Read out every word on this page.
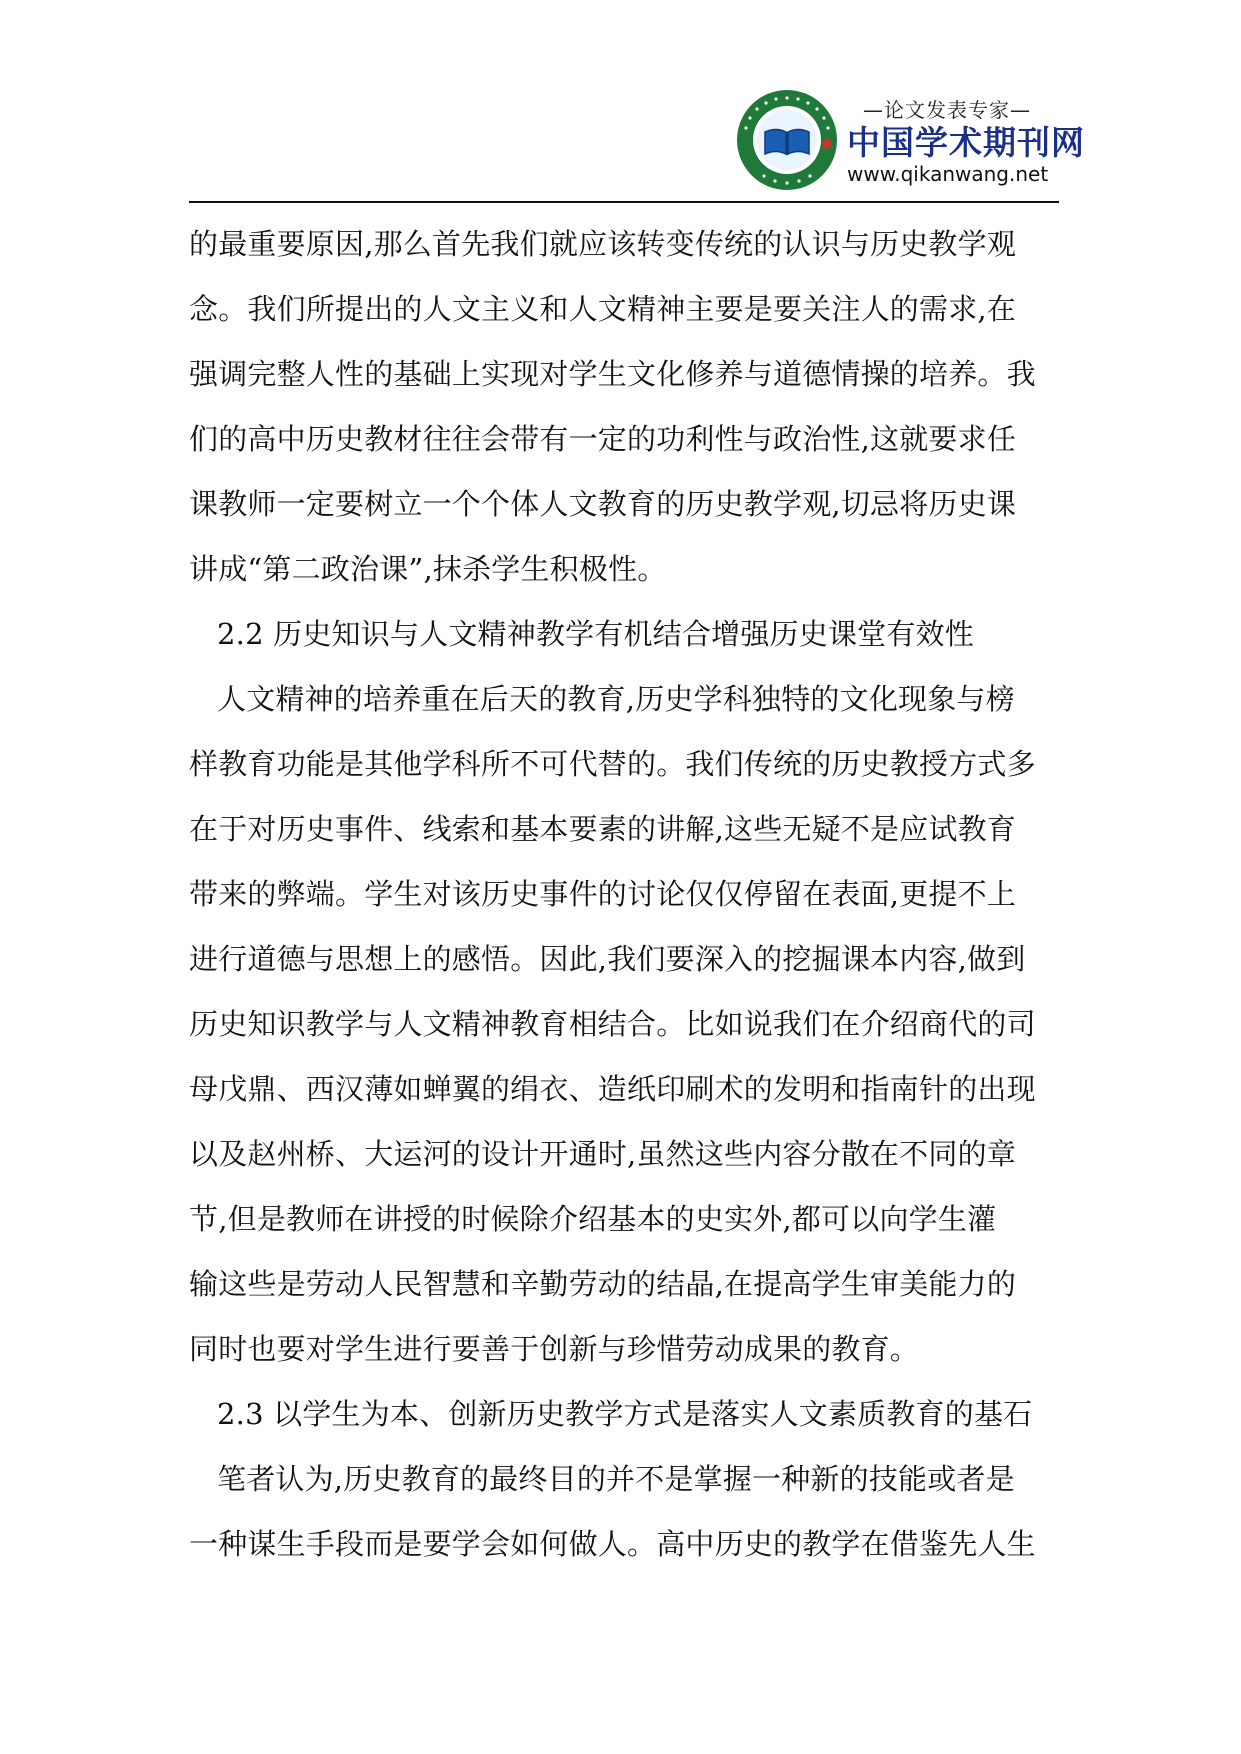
—论文发表专家—
中国学术期刊网
www.qikanwang.net
的最重要原因,那么首先我们就应该转变传统的认识与历史教学观
念。我们所提出的人文主义和人文精神主要是要关注人的需求,在
强调完整人性的基础上实现对学生文化修养与道德情操的培养。我
们的高中历史教材往往会带有一定的功利性与政治性,这就要求任
课教师一定要树立一个个体人文教育的历史教学观,切忌将历史课
讲成“第二政治课”,抹杀学生积极性。
2.2 历史知识与人文精神教学有机结合增强历史课堂有效性
人文精神的培养重在后天的教育,历史学科独特的文化现象与榜
样教育功能是其他学科所不可代替的。我们传统的历史教授方式多
在于对历史事件、线索和基本要素的讲解,这些无疑不是应试教育
带来的弊端。学生对该历史事件的讨论仅仅停留在表面,更提不上
进行道德与思想上的感悟。因此,我们要深入的挖掘课本内容,做到
历史知识教学与人文精神教育相结合。比如说我们在介绍商代的司
母戊鼎、西汉薄如蝉翼的绢衣、造纸印刷术的发明和指南针的出现
以及赵州桥、大运河的设计开通时,虽然这些内容分散在不同的章
节,但是教师在讲授的时候除介绍基本的史实外,都可以向学生灌
输这些是劳动人民智慧和辛勤劳动的结晶,在提高学生审美能力的
同时也要对学生进行要善于创新与珍惜劳动成果的教育。
2.3 以学生为本、创新历史教学方式是落实人文素质教育的基石
笔者认为,历史教育的最终目的并不是掌握一种新的技能或者是
一种谋生手段而是要学会如何做人。高中历史的教学在借鉴先人生
